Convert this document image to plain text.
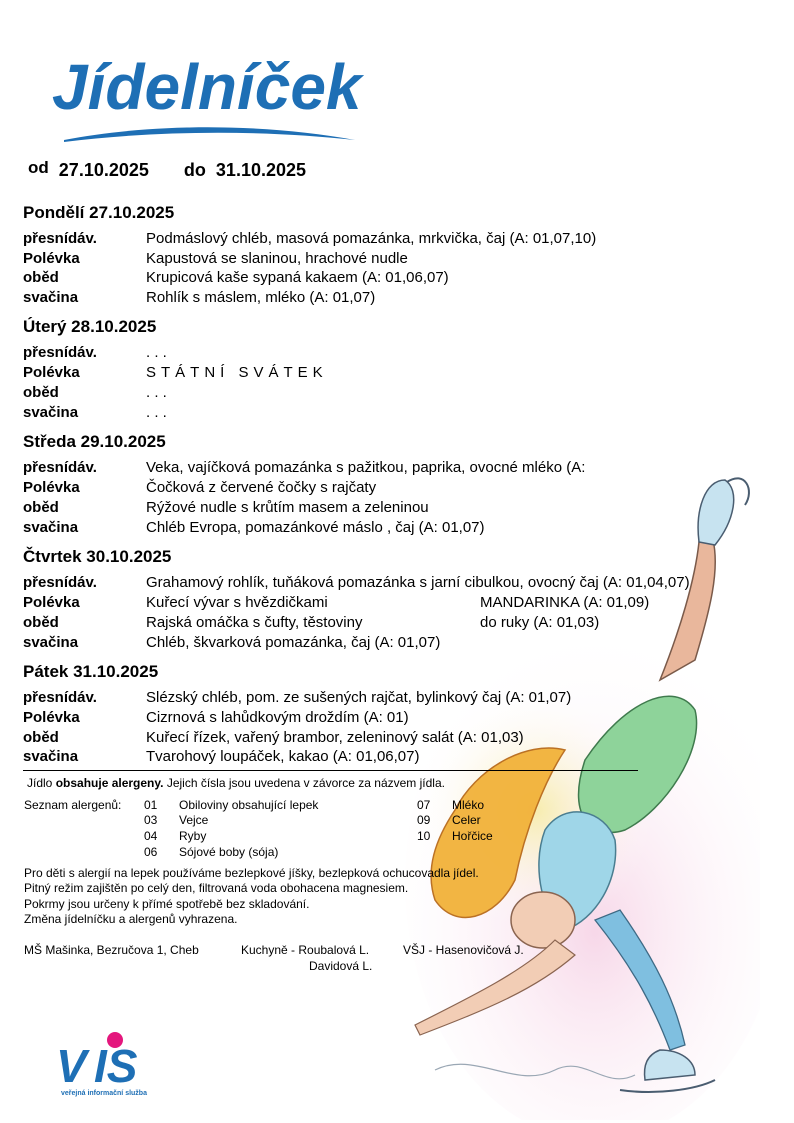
Jídelníček
od 27.10.2025 do 31.10.2025
Pondělí 27.10.2025
přesnídáv.	Podmáslový chléb, masová pomazánka, mrkvička, čaj (A: 01,07,10)
Polévka	Kapustová se slaninou, hrachové nudle
oběd	Krupicová kaše sypaná kakaem (A: 01,06,07)
svačina	Rohlík s máslem, mléko (A: 01,07)
Úterý 28.10.2025
přesnídáv.	. . .
Polévka	STÁTNÍ SVÁTEK
oběd	. . .
svačina	. . .
Středa 29.10.2025
přesnídáv.	Veka, vajíčková pomazánka s pažitkou, paprika, ovocné mléko (A:
Polévka	Čočková z červené čočky s rajčaty
oběd	Rýžové nudle s krůtím masem a zeleninou
svačina	Chléb Evropa, pomazánkové máslo , čaj (A: 01,07)
Čtvrtek 30.10.2025
přesnídáv.	Grahamový rohlík, tuňáková pomazánka s jarní cibulkou, ovocný čaj (A: 01,04,07)
Polévka	Kuřecí vývar s hvězdičkami	MANDARINKA (A: 01,09)
oběd	Rajská omáčka s čufty, těstoviny	do ruky (A: 01,03)
svačina	Chléb, škvarková pomazánka, čaj (A: 01,07)
Pátek 31.10.2025
přesnídáv.	Slézský chléb, pom. ze sušených rajčat, bylinkový čaj (A: 01,07)
Polévka	Cizrnová s lahůdkovým droždím (A: 01)
oběd	Kuřecí řízek, vařený brambor, zeleninový salát (A: 01,03)
svačina	Tvarohový loupáček, kakao (A: 01,06,07)
Jídlo obsahuje alergeny. Jejich čísla jsou uvedena v závorce za názvem jídla.
Seznam alergenů: 01 Obiloviny obsahující lepek
03 Vejce
04 Ryby
06 Sójové boby (sója)
07 Mléko
09 Celer
10 Hořčice
Pro děti s alergií na lepek používáme bezlepkové jíšky, bezlepková ochucovadla jídel.
Pitný režim zajištěn po celý den, filtrovaná voda obohacena magnesiem.
Pokrmy jsou určeny k přímé spotřebě bez skladování.
Změna jídelníčku a alergenů vyhrazena.
MŠ Mašinka, Bezručova 1, Cheb	Kuchyně - Roubalová L.
Davidová L.
VŠJ - Hasenovičová J.
V IS
veřejná informační služba
